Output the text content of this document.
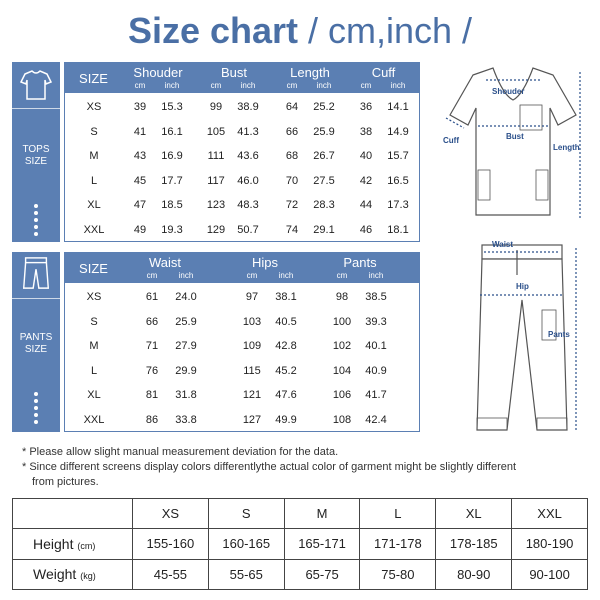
Size chart / cm,inch /
TOPS
SIZE
SIZE	Shouder	Bust	Length	Cuff
cm	inch	cm	inch	cm	inch	cm	inch
XS	39	15.3	99	38.9	64	25.2	36	14.1
S	41	16.1	105	41.3	66	25.9	38	14.9
M	43	16.9	111	43.6	68	26.7	40	15.7
L	45	17.7	117	46.0	70	27.5	42	16.5
XL	47	18.5	123	48.3	72	28.3	44	17.3
XXL	49	19.3	129	50.7	74	29.1	46	18.1
PANTS
SIZE
SIZE	Waist	Hips	Pants
cm	inch	cm	inch	cm	inch
XS	61	24.0	97	38.1	98	38.5
S	66	25.9	103	40.5	100	39.3
M	71	27.9	109	42.8	102	40.1
L	76	29.9	115	45.2	104	40.9
XL	81	31.8	121	47.6	106	41.7
XXL	86	33.8	127	49.9	108	42.4
Shouder
Bust
Cuff
Length
Waist
Hip
Pants

* Please allow slight manual measurement deviation for the data.

* Since different screens display colors differentlythe actual color of garment might be slightly different

from pictures.

	XS	S	M	L	XL	XXL
Height (cm)	155-160	160-165	165-171	171-178	178-185	180-190
Weight (kg)	45-55	55-65	65-75	75-80	80-90	90-100
